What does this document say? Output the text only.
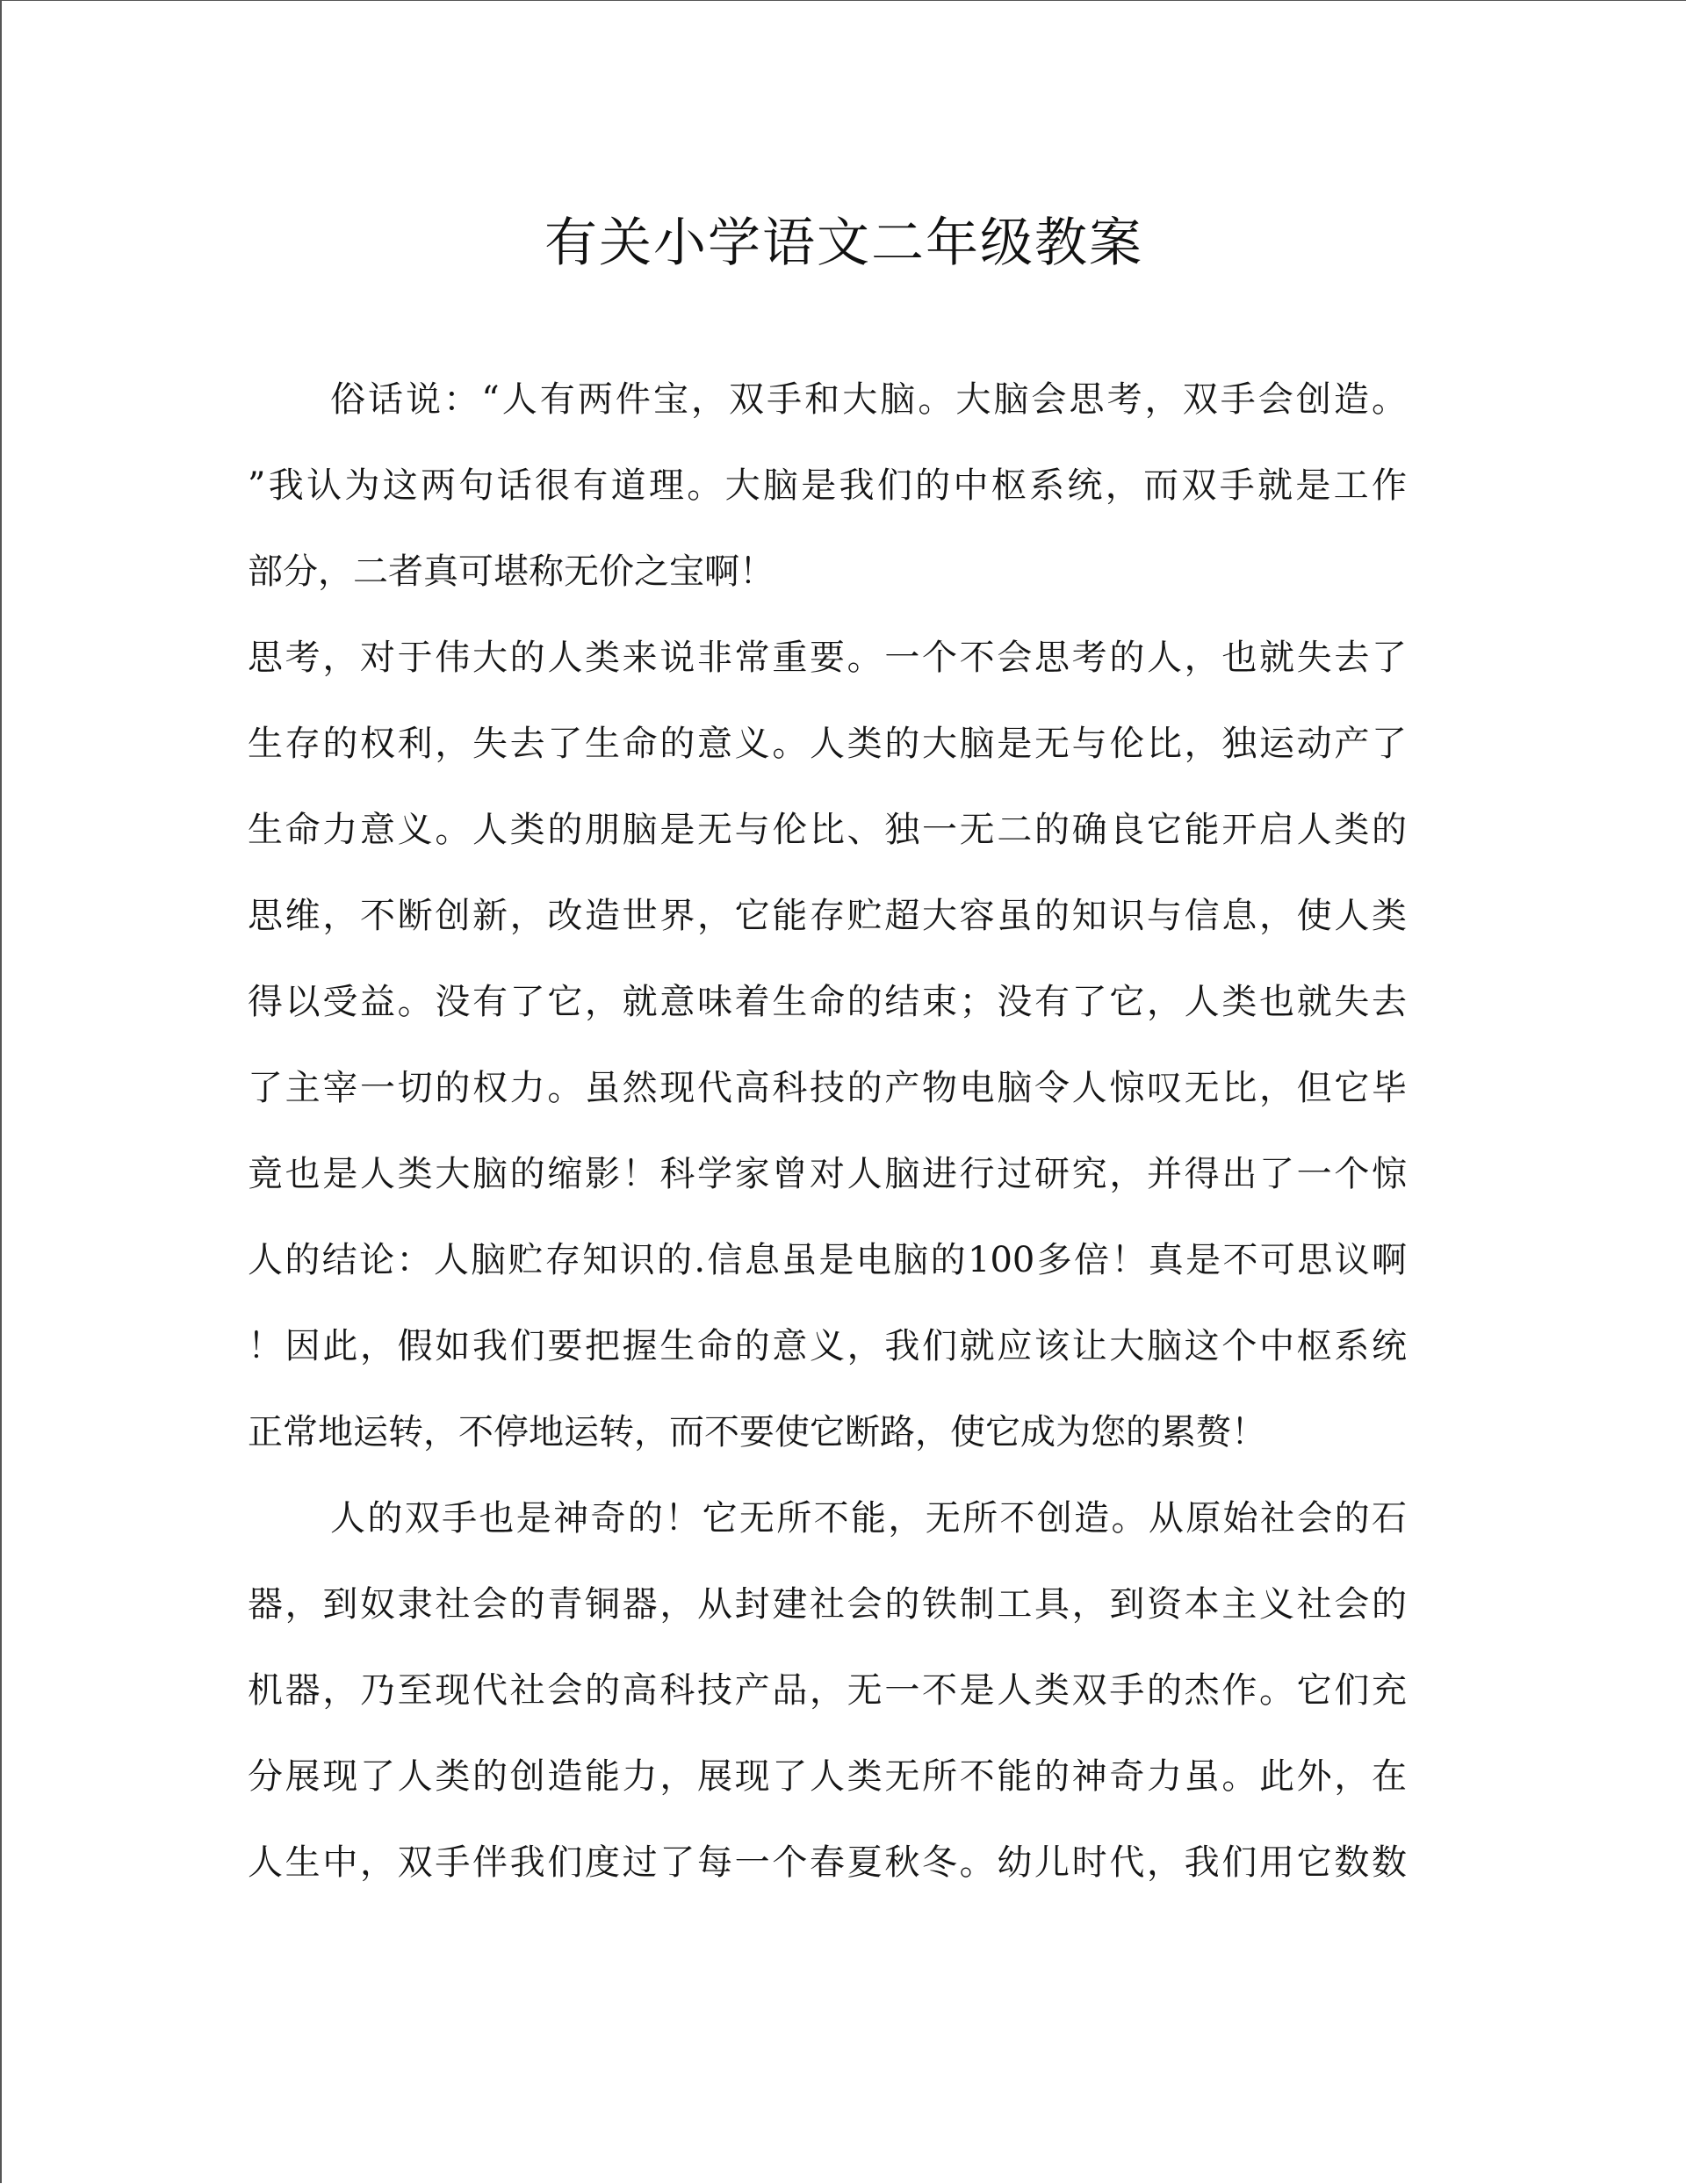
有关小学语文二年级教案
俗话说：“人有两件宝，双手和大脑。大脑会思考，双手会创造。
”我认为这两句话很有道理。大脑是我们的中枢系统，而双手就是工作
部分，二者真可堪称无价之宝啊！
思考，对于伟大的人类来说非常重要。一个不会思考的人，也就失去了
生存的权利，失去了生命的意义。人类的大脑是无与伦比，独运动产了
生命力意义。人类的朋脑是无与伦比、独一无二的确良它能开启人类的
思维，不断创新，改造世界，它能存贮超大容虽的知识与信息，使人类
得以受益。没有了它，就意味着生命的结束；没有了它，人类也就失去
了主宰一切的权力。虽然现代高科技的产物电脑令人惊叹无比，但它毕
竟也是人类大脑的缩影！科学家曾对人脑进行过研究，并得出了一个惊
人的结论：人脑贮存知识的.信息虽是电脑的100多倍！真是不可思议啊
！因此，假如我们要把握生命的意义，我们就应该让大脑这个中枢系统
正常地运转，不停地运转，而不要使它断路，使它成为您的累赘！
人的双手也是神奇的！它无所不能，无所不创造。从原始社会的石
器，到奴隶社会的青铜器，从封建社会的铁制工具，到资本主义社会的
机器，乃至现代社会的高科技产品，无一不是人类双手的杰作。它们充
分展现了人类的创造能力，展现了人类无所不能的神奇力虽。此外，在
人生中，双手伴我们度过了每一个春夏秋冬。幼儿时代，我们用它数数
